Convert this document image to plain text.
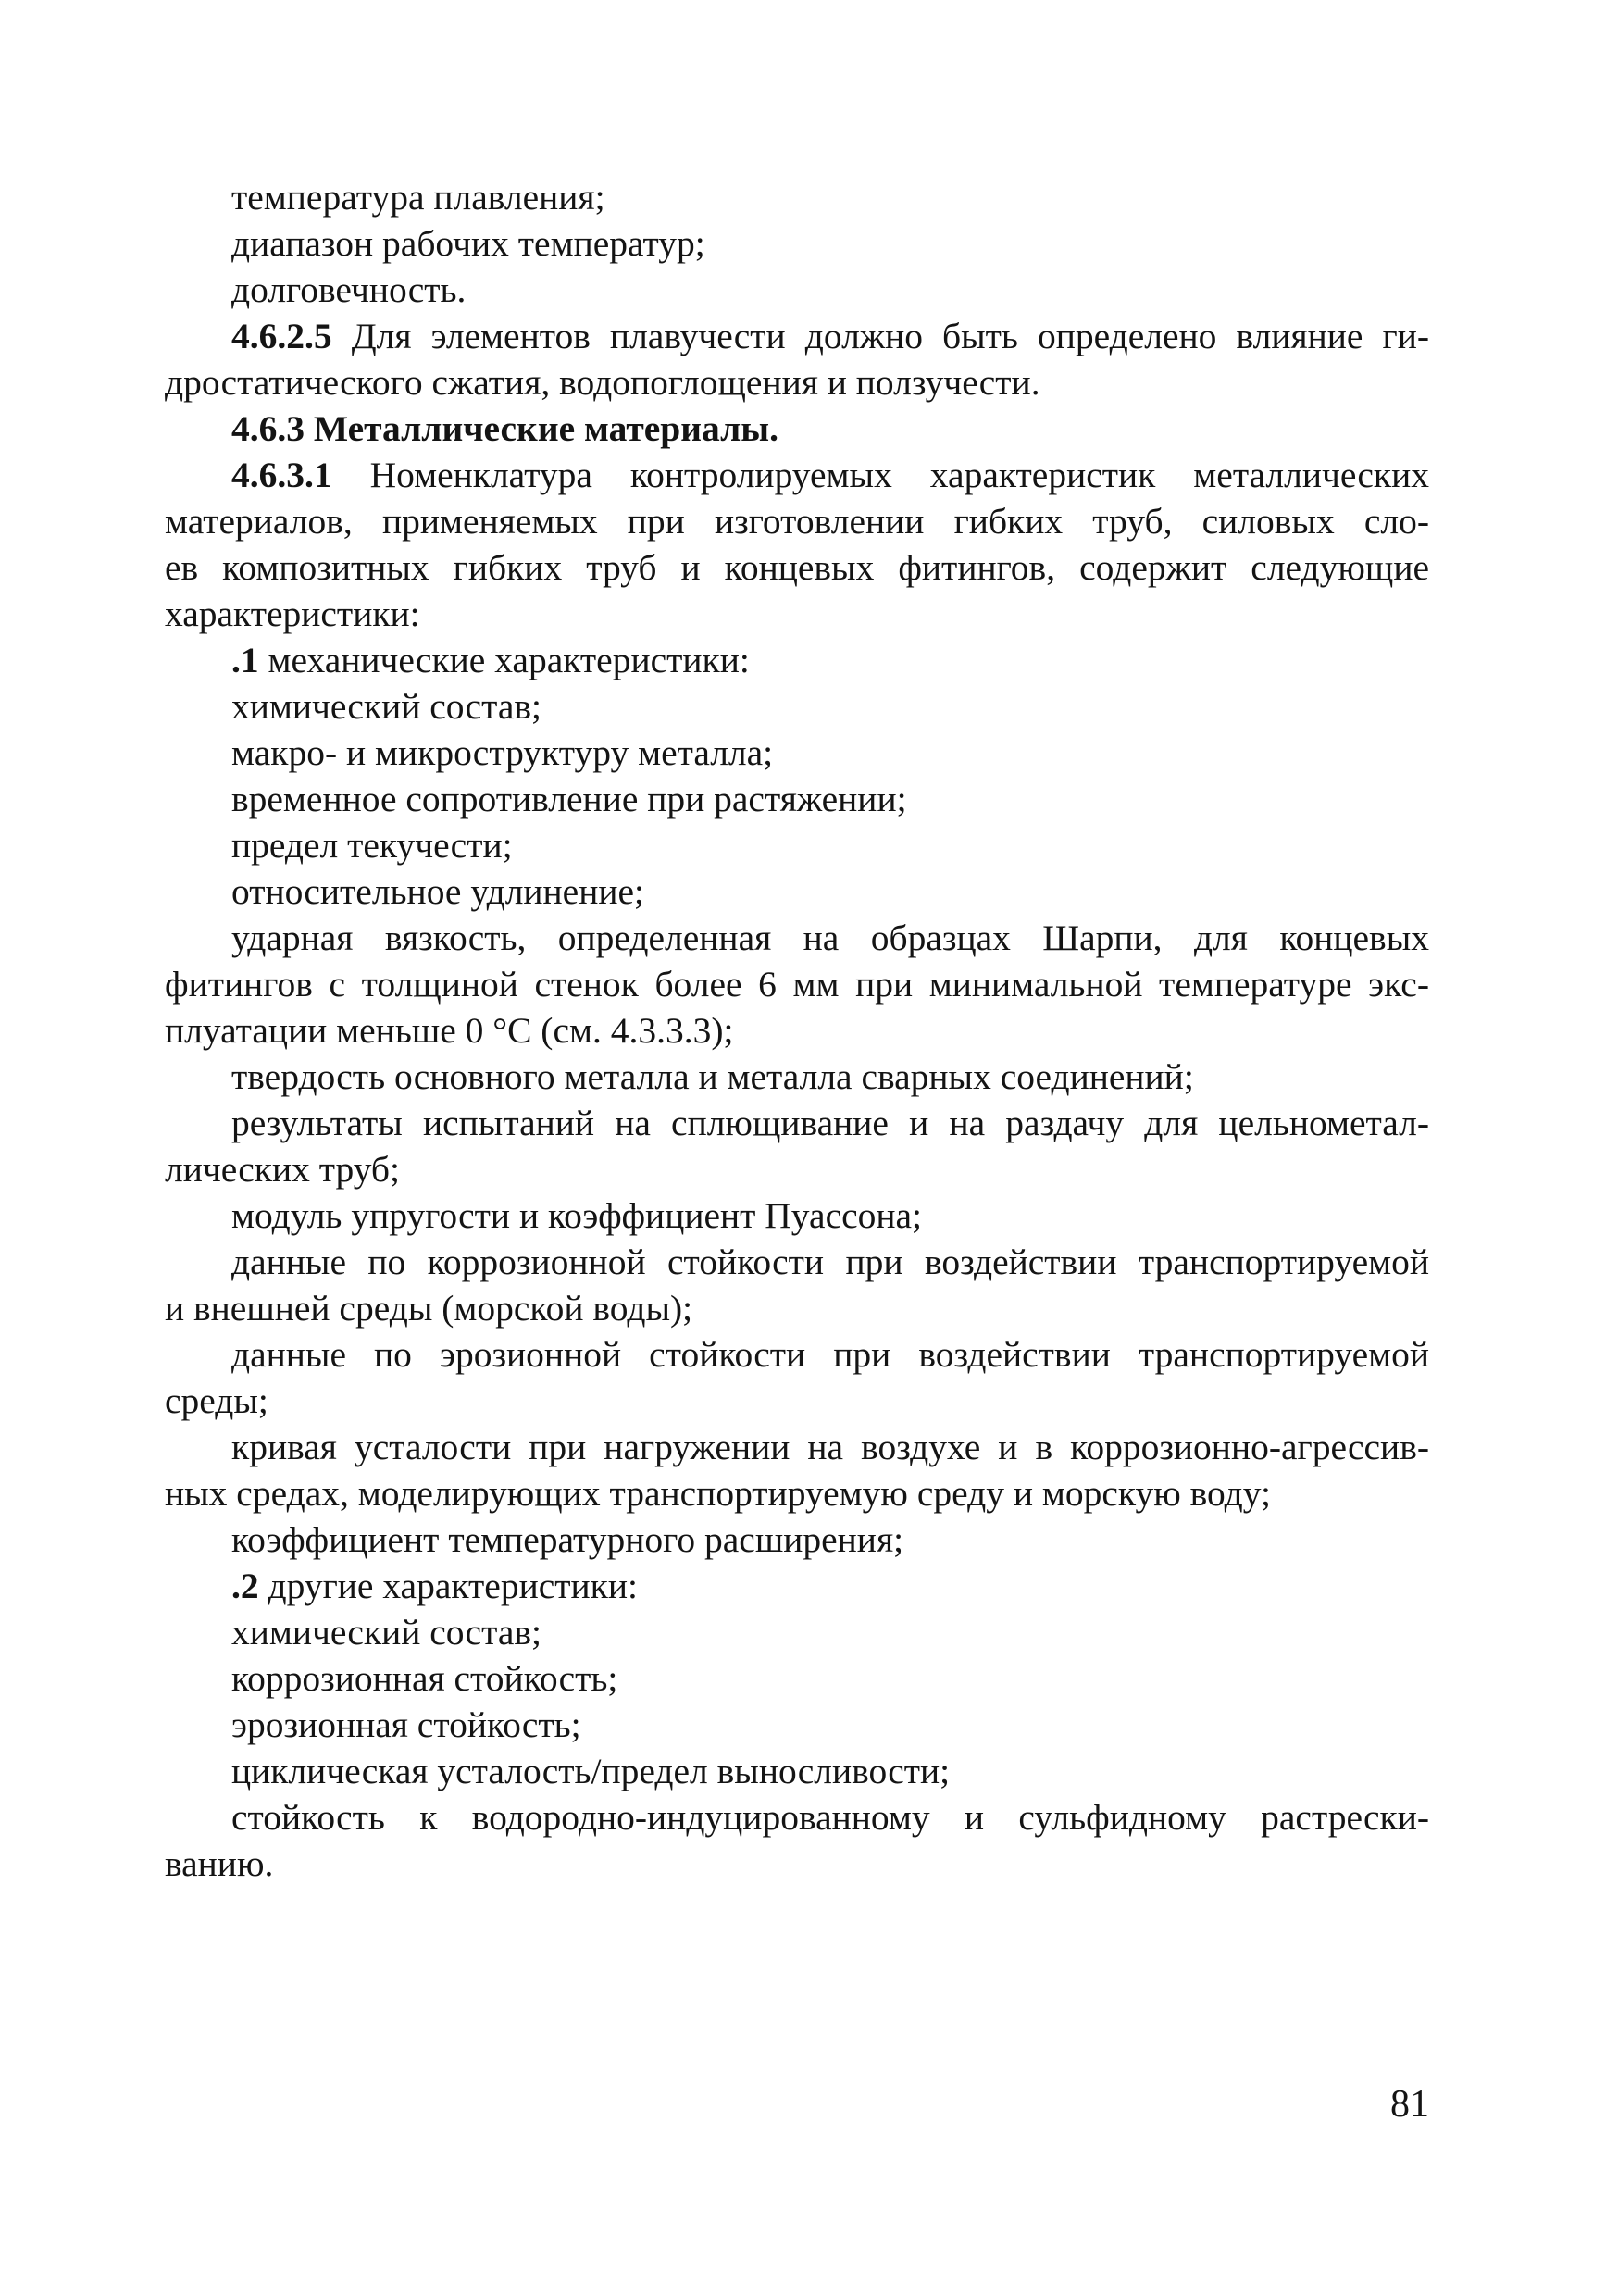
температура плавления;
диапазон рабочих температур;
долговечность.
4.6.2.5 Для элементов плавучести должно быть определено влияние ги-
дростатического сжатия, водопоглощения и ползучести.
4.6.3 Металлические материалы.
4.6.3.1 Номенклатура контролируемых характеристик металлических
материалов, применяемых при изготовлении гибких труб, силовых сло-
ев композитных гибких труб и концевых фитингов, содержит следующие
характеристики:
.1 механические характеристики:
химический состав;
макро- и микроструктуру металла;
временное сопротивление при растяжении;
предел текучести;
относительное удлинение;
ударная вязкость, определенная на образцах Шарпи, для концевых
фитингов с толщиной стенок более 6 мм при минимальной температуре экс-
плуатации меньше 0 °С (см. 4.3.3.3);
твердость основного металла и металла сварных соединений;
результаты испытаний на сплющивание и на раздачу для цельнометал-
лических труб;
модуль упругости и коэффициент Пуассона;
данные по коррозионной стойкости при воздействии транспортируемой
и внешней среды (морской воды);
данные по эрозионной стойкости при воздействии транспортируемой
среды;
кривая усталости при нагружении на воздухе и в коррозионно-агрессив-
ных средах, моделирующих транспортируемую среду и морскую воду;
коэффициент температурного расширения;
.2 другие характеристики:
химический состав;
коррозионная стойкость;
эрозионная стойкость;
циклическая усталость/предел выносливости;
стойкость к водородно-индуцированному и сульфидному растрески-
ванию.
81
